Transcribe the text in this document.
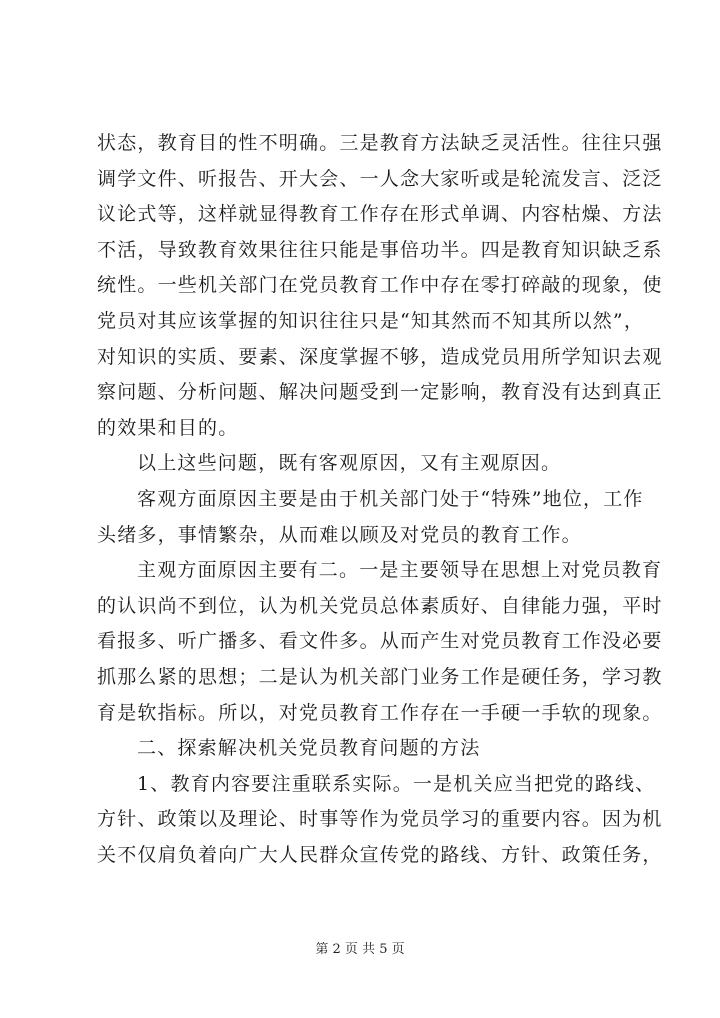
状态，教育目的性不明确。三是教育方法缺乏灵活性。往往只强
调学文件、听报告、开大会、一人念大家听或是轮流发言、泛泛
议论式等，这样就显得教育工作存在形式单调、内容枯燥、方法
不活，导致教育效果往往只能是事倍功半。四是教育知识缺乏系
统性。一些机关部门在党员教育工作中存在零打碎敲的现象，使
党员对其应该掌握的知识往往只是“知其然而不知其所以然”，
对知识的实质、要素、深度掌握不够，造成党员用所学知识去观
察问题、分析问题、解决问题受到一定影响，教育没有达到真正
的效果和目的。
以上这些问题，既有客观原因，又有主观原因。
客观方面原因主要是由于机关部门处于“特殊”地位，工作
头绪多，事情繁杂，从而难以顾及对党员的教育工作。
主观方面原因主要有二。一是主要领导在思想上对党员教育
的认识尚不到位，认为机关党员总体素质好、自律能力强，平时
看报多、听广播多、看文件多。从而产生对党员教育工作没必要
抓那么紧的思想；二是认为机关部门业务工作是硬任务，学习教
育是软指标。所以，对党员教育工作存在一手硬一手软的现象。
二、探索解决机关党员教育问题的方法
1、教育内容要注重联系实际。一是机关应当把党的路线、
方针、政策以及理论、时事等作为党员学习的重要内容。因为机
关不仅肩负着向广大人民群众宣传党的路线、方针、政策任务，
第 2 页 共 5 页
